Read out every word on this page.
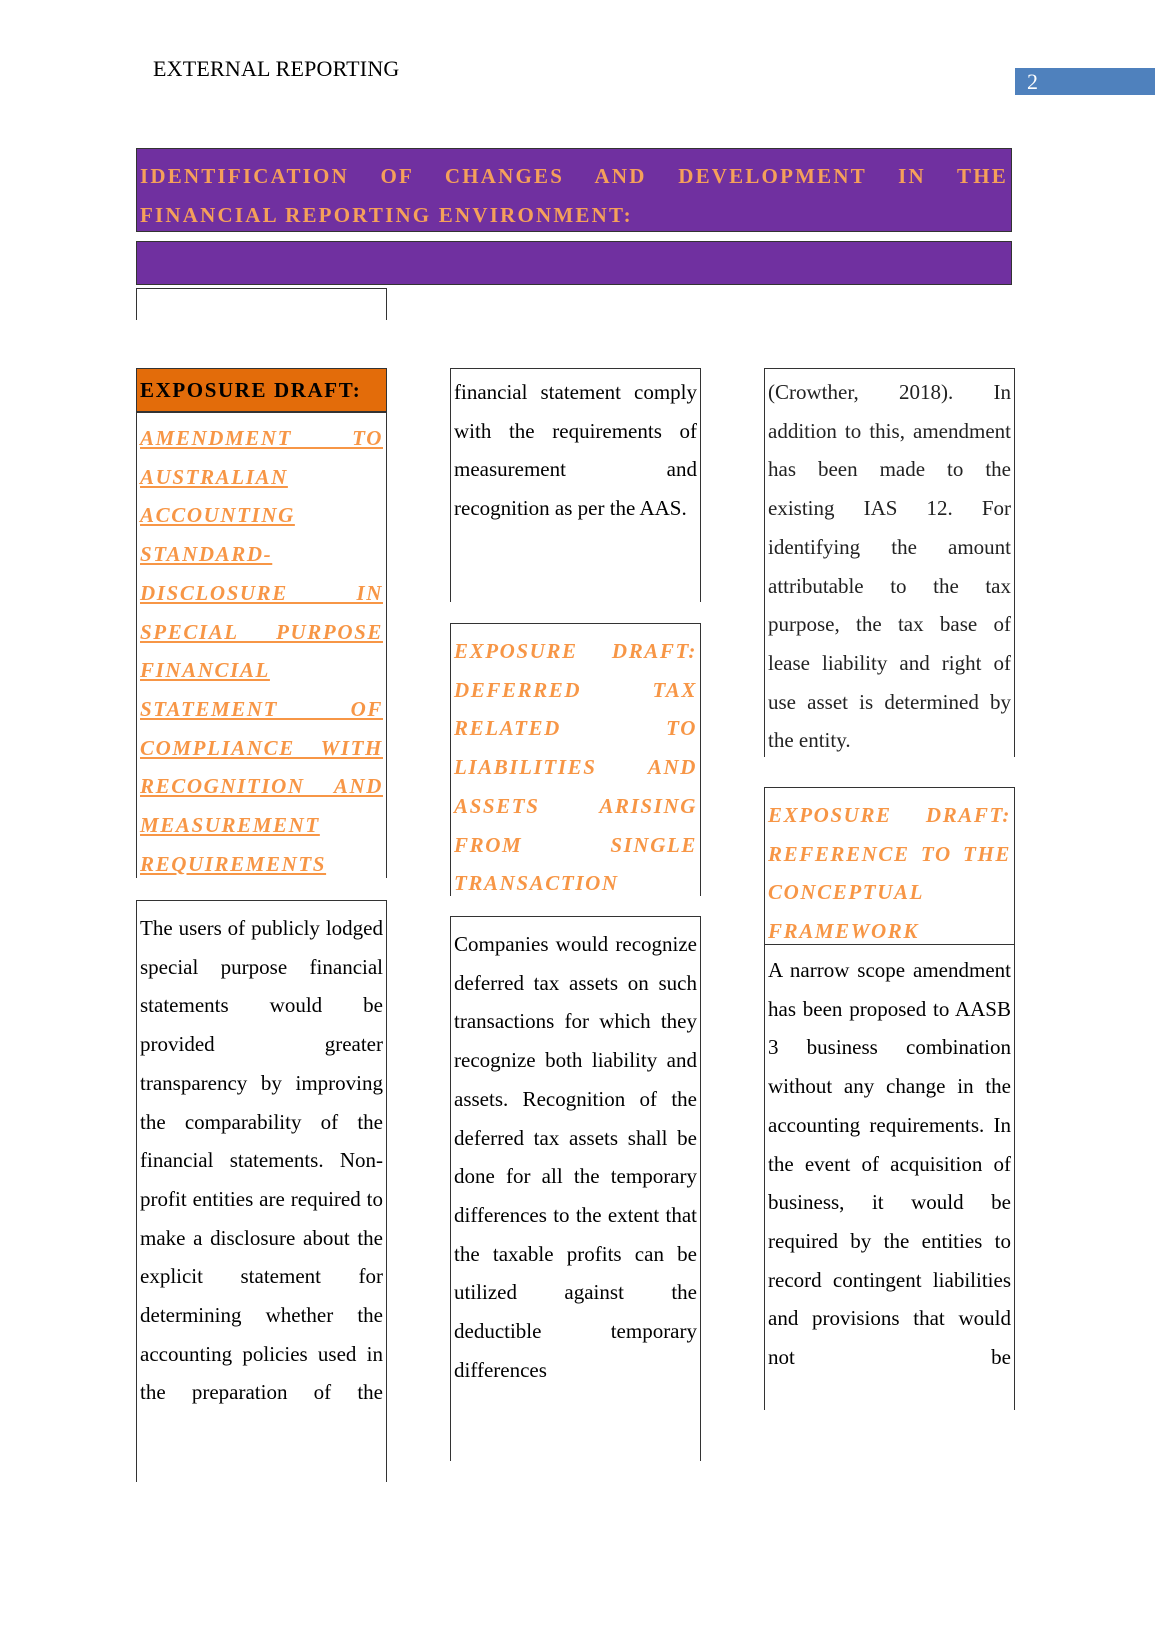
EXTERNAL REPORTING
2
IDENTIFICATION OF CHANGES AND DEVELOPMENT IN THE FINANCIAL REPORTING ENVIRONMENT:
EXPOSURE DRAFT:

AMENDMENT TO AUSTRALIAN ACCOUNTING STANDARD- DISCLOSURE IN SPECIAL PURPOSE FINANCIAL STATEMENT OF COMPLIANCE WITH RECOGNITION AND MEASUREMENT REQUIREMENTS

The users of publicly lodged special purpose financial statements would be provided greater transparency by improving the comparability of the financial statements. Non-profit entities are required to make a disclosure about the explicit statement for determining whether the accounting policies used in the preparation of the

financial statement comply with the requirements of measurement and recognition as per the AAS.

EXPOSURE DRAFT: DEFERRED TAX RELATED TO LIABILITIES AND ASSETS ARISING FROM SINGLE TRANSACTION

Companies would recognize deferred tax assets on such transactions for which they recognize both liability and assets. Recognition of the deferred tax assets shall be done for all the temporary differences to the extent that the taxable profits can be utilized against the deductible temporary differences

(Crowther, 2018). In addition to this, amendment has been made to the existing IAS 12. For identifying the amount attributable to the tax purpose, the tax base of lease liability and right of use asset is determined by the entity.

EXPOSURE DRAFT: REFERENCE TO THE CONCEPTUAL FRAMEWORK

A narrow scope amendment has been proposed to AASB 3 business combination without any change in the accounting requirements. In the event of acquisition of business, it would be required by the entities to record contingent liabilities and provisions that would not be
